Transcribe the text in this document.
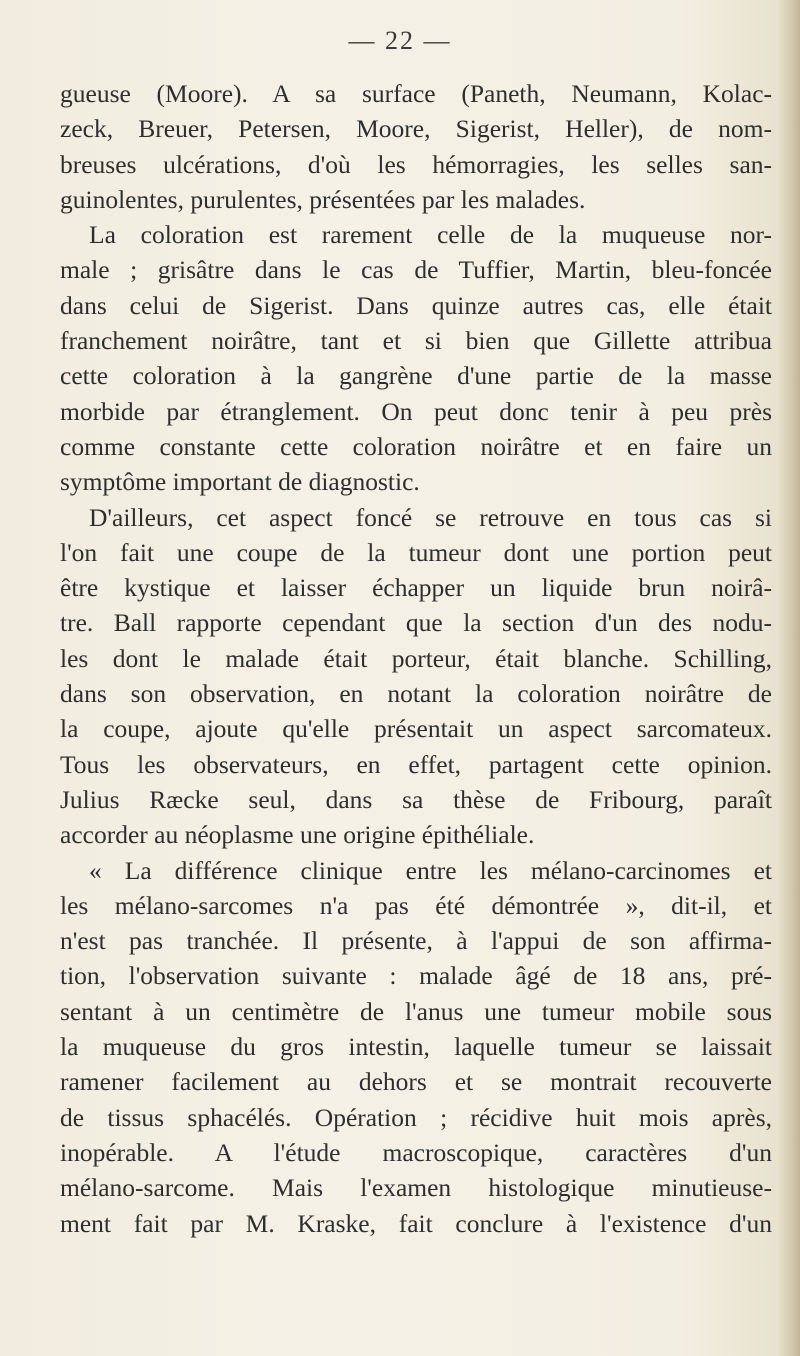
— 22 —
gueuse (Moore). A sa surface (Paneth, Neumann, Kolac-
zeck, Breuer, Petersen, Moore, Sigerist, Heller), de nom-
breuses ulcérations, d'où les hémorragies, les selles san-
guinolentes, purulentes, présentées par les malades.
La coloration est rarement celle de la muqueuse nor-
male ; grisâtre dans le cas de Tuffier, Martin, bleu-foncée
dans celui de Sigerist. Dans quinze autres cas, elle était
franchement noirâtre, tant et si bien que Gillette attribua
cette coloration à la gangrène d'une partie de la masse
morbide par étranglement. On peut donc tenir à peu près
comme constante cette coloration noirâtre et en faire un
symptôme important de diagnostic.
D'ailleurs, cet aspect foncé se retrouve en tous cas si
l'on fait une coupe de la tumeur dont une portion peut
être kystique et laisser échapper un liquide brun noirâ-
tre. Ball rapporte cependant que la section d'un des nodu-
les dont le malade était porteur, était blanche. Schilling,
dans son observation, en notant la coloration noirâtre de
la coupe, ajoute qu'elle présentait un aspect sarcomateux.
Tous les observateurs, en effet, partagent cette opinion.
Julius Ræcke seul, dans sa thèse de Fribourg, paraît
accorder au néoplasme une origine épithéliale.
« La différence clinique entre les mélano-carcinomes et
les mélano-sarcomes n'a pas été démontrée », dit-il, et
n'est pas tranchée. Il présente, à l'appui de son affirma-
tion, l'observation suivante : malade âgé de 18 ans, pré-
sentant à un centimètre de l'anus une tumeur mobile sous
la muqueuse du gros intestin, laquelle tumeur se laissait
ramener facilement au dehors et se montrait recouverte
de tissus sphacélés. Opération ; récidive huit mois après,
inopérable. A l'étude macroscopique, caractères d'un
mélano-sarcome. Mais l'examen histologique minutieuse-
ment fait par M. Kraske, fait conclure à l'existence d'un
